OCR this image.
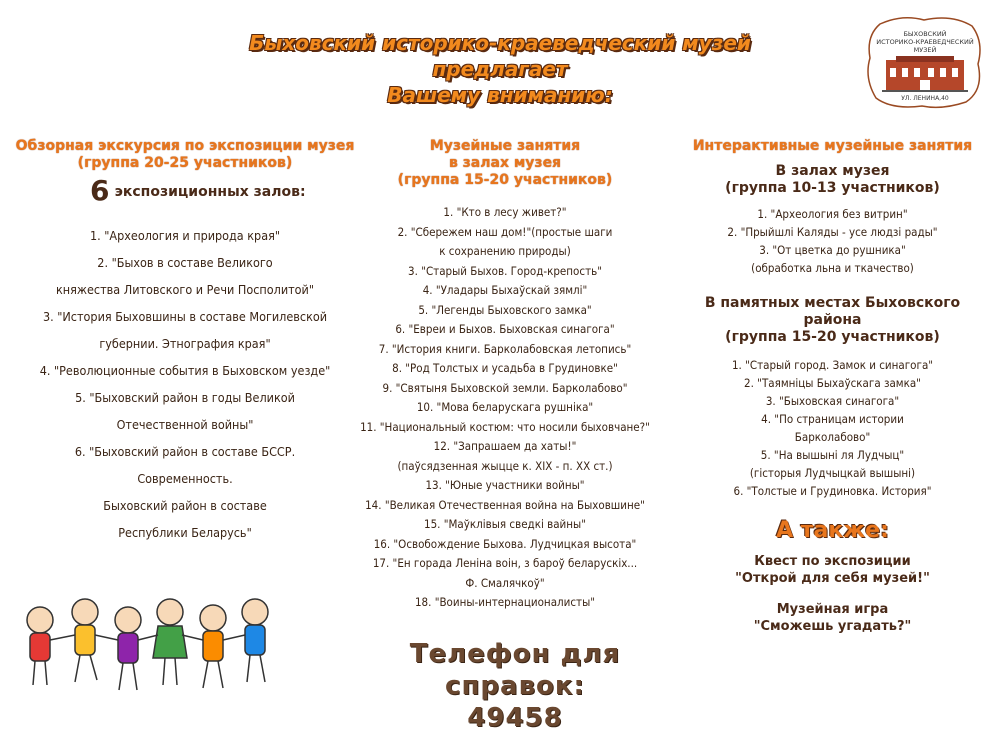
Быховский историко-краеведческий музей предлагает
Вашему вниманию:
БЫХОВСКИЙ
ИСТОРИКО-КРАЕВЕДЧЕСКИЙ
МУЗЕЙ
УЛ. ЛЕНИНА,40
Обзорная экскурсия по экспозиции музея
(группа 20-25 участников)
6 экспозиционных залов:
1. "Археология и природа края"
2. "Быхов в составе Великого
княжества Литовского и Речи Посполитой"
3. "История Быховшины в составе Могилевской
губернии. Этнография края"
4. "Революционные события в Быховском уезде"
5. "Быховский район в годы Великой
Отечественной войны"
6. "Быховский район в составе БССР.
Современность.
Быховский район в составе
Республики Беларусь"
Музейные занятия
в залах музея
(группа 15-20 участников)
1. "Кто в лесу живет?"
2. "Сбережем наш дом!"(простые шаги
к сохранению природы)
3. "Старый Быхов. Город-крепость"
4. "Уладары Быхаўскай зямлі"
5. "Легенды Быховского замка"
6. "Евреи и Быхов. Быховская синагога"
7. "История книги. Барколабовская летопись"
8. "Род Толстых и усадьба в Грудиновке"
9. "Святыня Быховской земли. Барколабово"
10. "Мова беларускага рушніка"
11. "Национальный костюм: что носили быховчане?"
12. "Запрашаем да хаты!"
(паўсядзенная жыцце к. XIX - п. XX ст.)
13. "Юные участники войны"
14. "Великая Отечественная война на Быховшине"
15. "Маўклівыя сведкі вайны"
16. "Освобождение Быхова. Лудчицкая высота"
17. "Ен горада Леніна воін, з бароў беларускіх...
Ф. Смалячкоў"
18. "Воины-интернационалисты"
Телефон для справок:
49458
Интерактивные музейные занятия
В залах музея
(группа 10-13 участников)
1. "Археология без витрин"
2. "Прыйшлі Каляды - усе людзі рады"
3. "От цветка до рушника"
(обработка льна и ткачество)
В памятных местах Быховского района
(группа 15-20 участников)
1. "Старый город. Замок и синагога"
2. "Таямніцы Быхаўскага замка"
3. "Быховская синагога"
4. "По страницам истории
Барколабово"
5. "На вышыні ля Лудчыц"
(гісторыя Лудчыцкай вышыні)
6. "Толстые и Грудиновка. История"
А также:
Квест по экспозиции
"Открой для себя музей!"
Музейная игра
"Сможешь угадать?"
